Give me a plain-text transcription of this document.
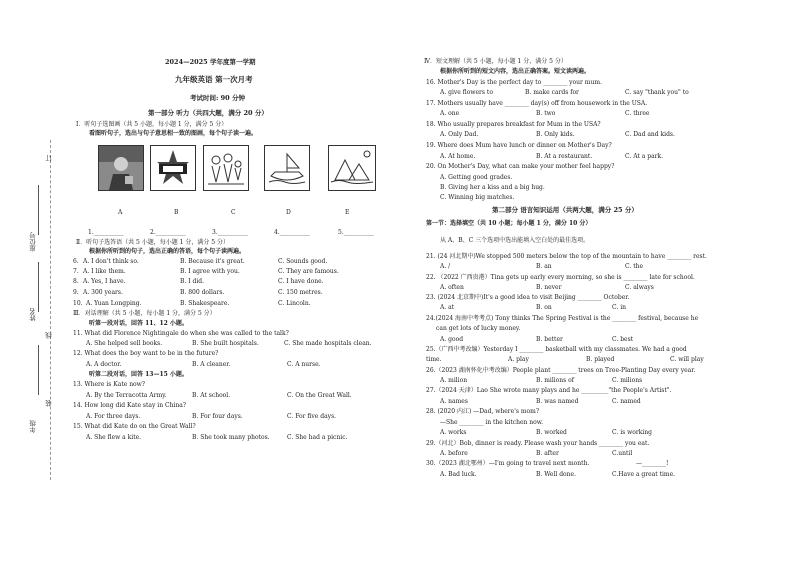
订
座位号
线
姓名
装
年级
2024—2025 学年度第一学期
九年级英语 第一次月考
考试时间: 90 分钟
第一部分 听力（共四大题，满分 20 分）
Ⅰ．听句子选图画（共 5 小题，每小题 1 分，满分 5 分）
看图听句子，选出与句子意思相一致的图画，每个句子读一遍。
A	B	C	D	E
1.__________	2.__________	3.__________	4.__________	5.__________
Ⅱ．听句子选答语（共 5 小题，每小题 1 分，满分 5 分）
根据你所听到的句子，选出正确的答语，每个句子读两遍。
6. A. I don't think so.	B. Because it's great.	C. Sounds good.
7. A. I like them.	B. I agree with you.	C. They are famous.
8. A. Yes, I have.	B. I did.	C. I have done.
9. A. 300 years.	B. 800 dollars.	C. 150 metres.
10. A. Yuan Longping.	B. Shakespeare.	C. Lincoln.
Ⅲ．对话理解（共 5 小题，每小题 1 分，满分 5 分）
听第一段对话，回答 11、12 小题。
11. What did Florence Nightingale do when she was called to the talk?
A. She helped sell books.	B. She built hospitals.	C. She made hospitals clean.
12. What does the boy want to be in the future?
A. A doctor.	B. A cleaner.	C. A nurse.
听第二段对话，回答 13—15 小题。
13. Where is Kate now?
A. By the Terracotta Army.	B. At school.	C. On the Great Wall.
14. How long did Kate stay in China?
A. For three days.	B. For four days.	C. For five days.
15. What did Kate do on the Great Wall?
A. She flew a kite.	B. She took many photos.	C. She had a picnic.
Ⅳ．短文理解（共 5 小题，每小题 1 分，满分 5 分）
根据你所听到的短文内容，选出正确答案。短文读两遍。
16. Mother's Day is the perfect day to ________ your mum.
A. give flowers to	B. make cards for	C. say "thank you" to
17. Mothers usually have ________ day(s) off from housework in the USA.
A. one	B. two	C. three
18. Who usually prepares breakfast for Mum in the USA?
A. Only Dad.	B. Only kids.	C. Dad and kids.
19. Where does Mum have lunch or dinner on Mother's Day?
A. At home.	B. At a restaurant.	C. At a park.
20. On Mother's Day, what can make your mother feel happy?
A. Getting good grades.
B. Giving her a kiss and a big hug.
C. Winning big matches.
第二部分 语言知识运用（共两大题，满分 25 分）
第一节：选择填空（共 10 小题；每小题 1 分，满分 10 分）
从 A、B、C 三个选项中选出能填入空白处的最佳选项。
21. (24 河北期中)We stopped 500 meters below the top of the mountain to have ________ rest.
A. /	B. an	C. the
22. （2022 广西贵港）Tina gets up early every morning, so she is ________ late for school.
A. often	B. never	C. always
23. (2024 北京期中)It's a good idea to visit Beijing ________ October.
A. at	B. on	C. in
24.(2024 海南中考考点) Tony thinks The Spring Festival is the ________ festival, because he
can get lots of lucky money.
A. good	B. better	C. best
25.（广西中考改编）Yesterday I ________ basketball with my classmates. We had a good
time.	A. play	B. played	C. will play
26.（2023 湖南怀化中考改编）People plant ________ trees on Tree-Planting Day every year.
A. milion	B. milions of	C. milions
27.（2024 天津）Lao She wrote many plays and he _________"the People's Artist".
A. names	B. was named	C. named
28. (2020 内江) —Dad, where's mom?
—She ________ in the kitchen now.
A. works	B. worked	C. is working
29.（河北）Bob, dinner is ready. Please wash your hands ________ you eat.
A. before	B. after	C.until
30.（2023 湖北鄂州）—I'm going to travel next month.	—________!
A. Bad luck.	B. Well done.	C.Have a great time.
